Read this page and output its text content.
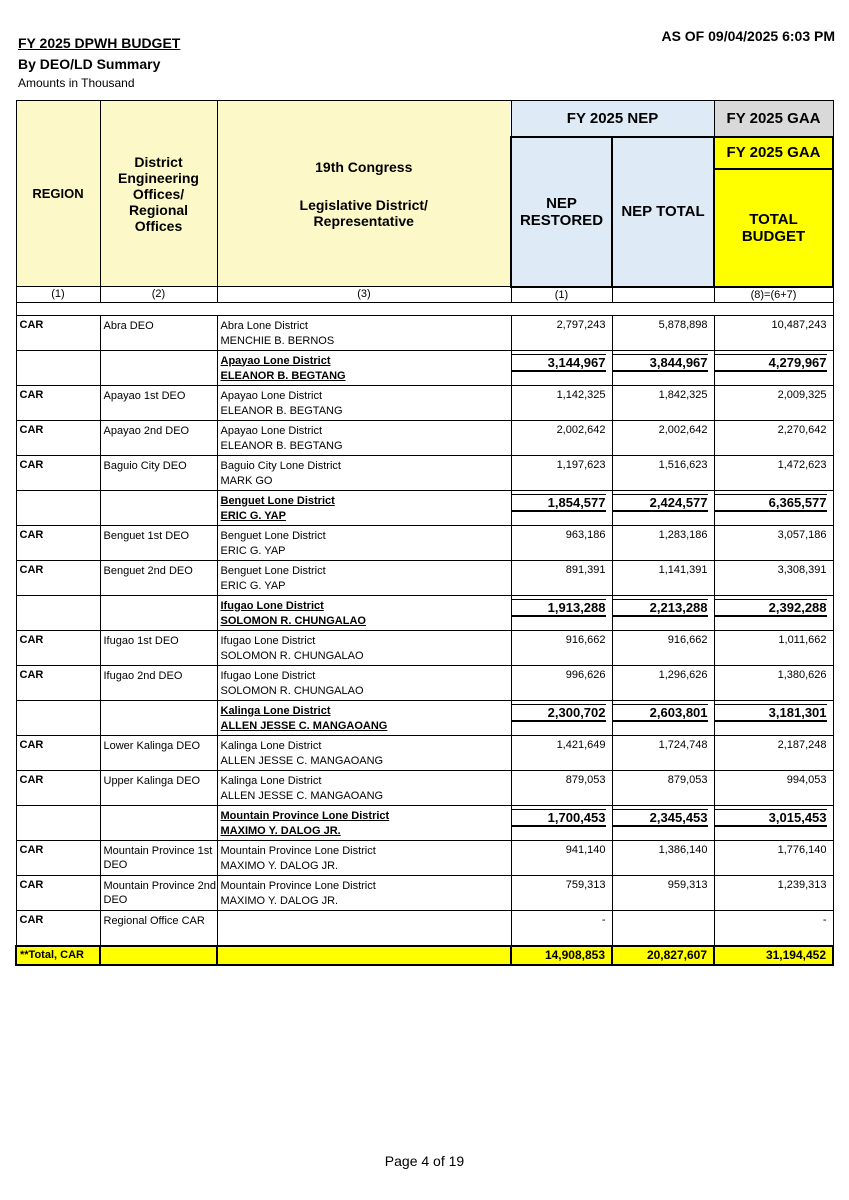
FY 2025 DPWH BUDGET
By DEO/LD Summary
Amounts in Thousand
AS OF 09/04/2025 6:03 PM
REGION	District Engineering Offices/ Regional Offices	19th Congress
Legislative District/ Representative	FY 2025 NEP		FY 2025 GAA
			NEP RESTORED	NEP TOTAL	FY 2025 GAA
					TOTAL BUDGET
(1)	(2)	(3)	(1)		(8)=(6+7)

CAR	Abra DEO	Abra Lone District
MENCHIE B. BERNOS	2,797,243	5,878,898	10,487,243

		Apayao Lone District
ELEANOR B. BEGTANG	3,144,967	3,844,967	4,279,967

CAR	Apayao 1st DEO	Apayao Lone District
ELEANOR B. BEGTANG	1,142,325	1,842,325	2,009,325
CAR	Apayao 2nd DEO	Apayao Lone District
ELEANOR B. BEGTANG	2,002,642	2,002,642	2,270,642
CAR	Baguio City DEO	Baguio City Lone District
MARK GO	1,197,623	1,516,623	1,472,623

		Benguet Lone District
ERIC G. YAP	1,854,577	2,424,577	6,365,577

CAR	Benguet 1st DEO	Benguet Lone District
ERIC G. YAP	963,186	1,283,186	3,057,186
CAR	Benguet 2nd DEO	Benguet Lone District
ERIC G. YAP	891,391	1,141,391	3,308,391

		Ifugao Lone District
SOLOMON R. CHUNGALAO	1,913,288	2,213,288	2,392,288

CAR	Ifugao 1st DEO	Ifugao Lone District
SOLOMON R. CHUNGALAO	916,662	916,662	1,011,662
CAR	Ifugao 2nd DEO	Ifugao Lone District
SOLOMON R. CHUNGALAO	996,626	1,296,626	1,380,626

		Kalinga Lone District
ALLEN JESSE C. MANGAOANG	2,300,702	2,603,801	3,181,301

CAR	Lower Kalinga DEO	Kalinga Lone District
ALLEN JESSE C. MANGAOANG	1,421,649	1,724,748	2,187,248
CAR	Upper Kalinga DEO	Kalinga Lone District
ALLEN JESSE C. MANGAOANG	879,053	879,053	994,053

		Mountain Province Lone District
MAXIMO Y. DALOG JR.	1,700,453	2,345,453	3,015,453

CAR	Mountain Province 1st DEO	Mountain Province Lone District
MAXIMO Y. DALOG JR.	941,140	1,386,140	1,776,140
CAR	Mountain Province 2nd DEO	Mountain Province Lone District
MAXIMO Y. DALOG JR.	759,313	959,313	1,239,313
CAR	Regional Office CAR		-		-
**Total, CAR			14,908,853	20,827,607	31,194,452
Page 4 of 19
